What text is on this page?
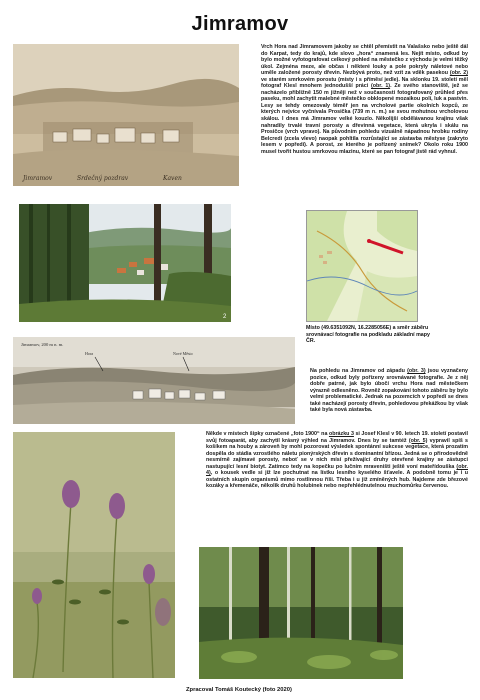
Jimramov
Jimramov	Srdečný pozdrav	Kaven
Vrch Hora nad Jimramovem jakoby se chtěl přemístit na Valašsko nebo ještě dál do Karpat, tedy do krajů, kde slovo „hora“ znamená les. Nejít místo, odkud by bylo možné vyfotografovat celkový pohled na městečko z východu je velmi těžký úkol. Zejména meze, ale občas i některé louky a pole pokryly náletové nebo uměle založené porosty dřevin. Nezbývá proto, než vzít za vděk pasekou (obr. 2) ve starém smrkovém porostu (místy i s příměsí jedle). Na sklonku 19. století měl fotograf Klesl mnohem jednodušší práci (obr. 1). Ze svého stanoviště, jež se nacházelo přibližně 150 m jižněji než v současnosti fotografovaný průhled přes paseku, mohl zachytit malebné městečko obklopené mozaikou polí, luk a pastvin. Lesy se tehdy omezovaly téměř jen na vrcholové partie okolních kopců, ze kterých nejvíce vyčnívala Prosička (739 m n. m.) se svou mohutnou vrcholovou skálou. I dnes má Jimramov velké kouzlo. Několijší obdělávanou krajinu však nahradily trvalé travní porosty a dřevinná vegetace, která ukryla i skálu na Prosičce (vrch vpravo). Na původním pohledu vizuálně nápadnou hrobku rodiny Belcredi (zcela vlevo) naopak pohltila rozrůstající se zástavba městyse (zakryto lesem v popředí). A porost, ze kterého je pořízený snímek? Okolo roku 1900 musel tvořit hustou smrkovou mlazinu, které se pan fotograf jistě rád vyhnul.
2
Místo (49.6351092N, 16.2285056E) a směr záběru srovnávací fotografie na podkladu základní mapy ČR.
Jimramov, 200 m n. m.
Hora	Nové Město
Na pohledu na Jimramov od západu (obr. 3) jsou vyznačeny pozice, odkud byly pořízeny srovnávané fotografie. Je z něj dobře patrné, jak bylo úbočí vrchu Hora nad městečkem výrazně odlesněno. Rovněž zopakování tohoto záběru by bylo velmi problematické. Jednak na pozemcích v popředí se dnes také nacházejí porosty dřevin, pohledovou překážkou by však také byla nová zástavba.
Někde v místech šipky označené „foto 1900“ na obrázku 3 si Josef Klesl v 90. letech 19. století postavil svůj fotoaparát, aby zachytil krásný výhled na Jimramov. Dnes by se tamtéž (obr. 5) vypravil spíš s košíkem na houby a zároveň by mohl pozorovat výsledek spontánní sukcese vegetace, která prozatím dospěla do stádia vzrostlého náletu pionýrských dřevin s dominantní břízou. Jedná se o přirodovědně nesmírně zajímavé porosty, neboť se v nich mísí přežívající druhy otevřené krajiny se zástupci nastupující lesní biotyt. Zatímco tedy na kopečku po lučním mraveništi ještě voní mateřídouška (obr. 4), o kousek vedle si již lze pochutnat na lístku lesního kyselého šťavele. A podobně tomu je i u ostatních skupin organismů mimo rostlinnou říši. Třeba i u již zmíněných hub. Najdeme zde březové kozáky a křemenáče, několik druhů holubinek nebo nepřehlédnutelnou muchomůrku červenou.
Zpracoval Tomáš Koutecký (foto 2020)
